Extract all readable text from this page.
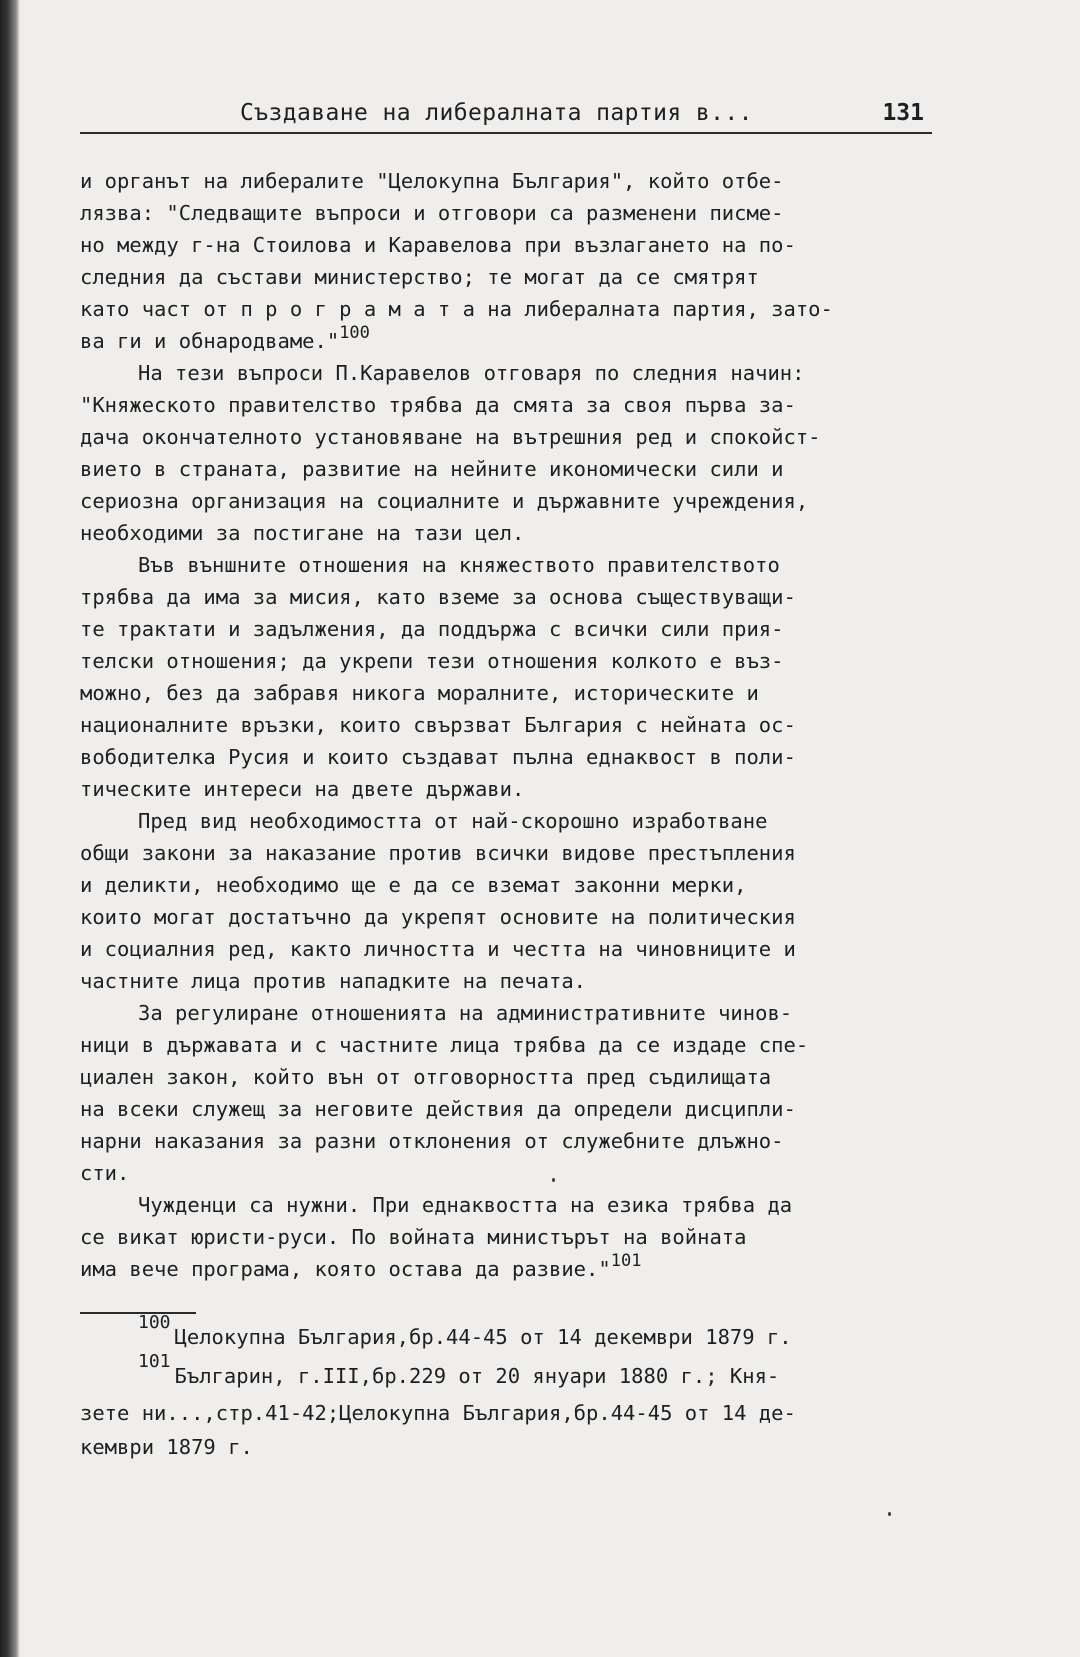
Създаване на либералната партия в...	131
и органът на либералите "Целокупна България", който отбе-
лязва: "Следващите въпроси и отговори са разменени писме-
но между г-на Стоилова и Каравелова при възлагането на по-
следния да състави министерство; те могат да се смятрят
като част от п р о г р а м а т а на либералната партия, зато-
ва ги и обнародваме."$^{100}$
На тези въпроси П.Каравелов отговаря по следния начин:
"Княжеското правителство трябва да смята за своя първа за-
дача окончателното установяване на вътрешния ред и спокойст-
вието в страната, развитие на нейните икономически сили и
сериозна организация на социалните и държавните учреждения,
необходими за постигане на тази цел.
Във външните отношения на княжеството правителството
трябва да има за мисия, като вземе за основа съществуващи-
те трактати и задължения, да поддържа с всички сили прия-
телски отношения; да укрепи тези отношения колкото е въз-
можно, без да забравя никога моралните, историческите и
националните връзки, които свързват България с нейната ос-
вободителка Русия и които създават пълна еднаквост в поли-
тическите интереси на двете държави.
Пред вид необходимостта от най-скорошно изработване
общи закони за наказание против всички видове престъпления
и деликти, необходимо ще е да се вземат законни мерки,
които могат достатъчно да укрепят основите на политическия
и социалния ред, както личността и честта на чиновниците и
частните лица против нападките на печата.
За регулиране отношенията на административните чинов-
ници в държавата и с частните лица трябва да се издаде спе-
циален закон, който вън от отговорността пред съдилищата
на всеки служещ за неговите действия да определи дисципли-
нарни наказания за разни отклонения от служебните длъжно-
сти.
Чужденци са нужни. При еднаквостта на езика трябва да
се викат юристи-руси. По войната министърът на войната
има вече програма, която остава да развие."$^{101}$
100Целокупна България,бр.44-45 от 14 декември 1879 г.
101Българин, г.III,бр.229 от 20 януари 1880 г.; Кня-
зете ни...,стр.41-42;Целокупна България,бр.44-45 от 14 де-
кември 1879 г.
